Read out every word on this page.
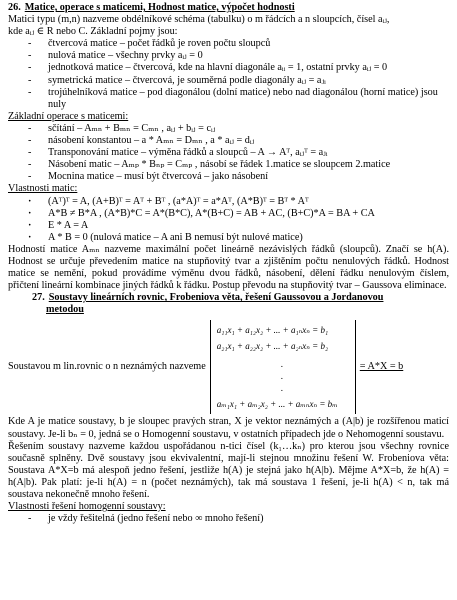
26. Matice, operace s maticemi, Hodnost matice, výpočet hodnosti
Matici typu (m,n) nazveme obdélníkové schéma (tabulku) o m řádcích a n sloupcích, čísel aᵢⱼ,
kde aᵢⱼ ∈ R nebo C. Základní pojmy jsou:
- čtvercová matice – počet řádků je roven počtu sloupců
- nulová matice – všechny prvky aᵢⱼ = 0
- jednotková matice – čtvercová, kde na hlavní diagonále aᵢᵢ = 1, ostatní prvky aᵢⱼ = 0
- symetrická matice – čtvercová, je souměrná podle diagonály aᵢⱼ = aⱼᵢ
- trojúhelníková matice – pod diagonálou (dolní matice) nebo nad diagonálou (horní matice) jsou nuly
Základní operace s maticemi:
- sčítání – Aₘₙ + Bₘₙ = Cₘₙ , aᵢⱼ + bᵢⱼ = cᵢⱼ
- násobení konstantou – a * Aₘₙ = Dₘₙ , a * aᵢⱼ = dᵢⱼ
- Transponování matice – výměna řádků a sloupců – A → Aᵀ, aᵢⱼᵀ = aⱼᵢ
- Násobení matic – Aₘₚ * Bₙₚ = Cₘₚ , násobí se řádek 1.matice se sloupcem 2.matice
- Mocnina matice – musí být čtvercová – jako násobení
Vlastnosti matic:
· (Aᵀ)ᵀ = A, (A+B)ᵀ = Aᵀ + Bᵀ , (a*A)ᵀ = a*Aᵀ, (A*B)ᵀ = Bᵀ * Aᵀ
· A*B ≠ B*A , (A*B)*C = A*(B*C), A*(B+C) = AB + AC, (B+C)*A = BA + CA
· E * A = A
· A * B = 0 (nulová matice – A ani B nemusí být nulové matice)
Hodností matice Aₘₙ nazveme maximální počet lineárně nezávislých řádků (sloupců). Značí se h(A). Hodnost se určuje převedením matice na stupňovitý tvar a zjištěním počtu nenulových řádků. Hodnost matice se nemění, pokud provádíme výměnu dvou řádků, násobení, dělení řádku nenulovým číslem, přičtení lineární kombinace jiných řádků k řádku. Postup převodu na stupňovitý tvar – Gaussova eliminace.
27. Soustavy lineárních rovnic, Frobeniova věta, řešení Gaussovou a Jordanovou
metodou
Soustavou m lin.rovnic o n neznámých nazveme
a₁₁x₁ + a₁₂x₂ + ... + a₁ₙxₙ = b₁
a₂₁x₁ + a₂₂x₂ + ... + a₂ₙxₙ = b₂
.
.
.
aₘ₁x₁ + aₘ₂x₂ + ... + aₘₙxₙ = bₘ
= A*X = b
Kde A je matice soustavy, b je sloupec pravých stran, X je vektor neznámých a (A|b) je rozšířenou maticí soustavy. Je-li bₙ = 0, jedná se o Homogenní soustavu, v ostatních případech jde o Nehomogenní soustavu.
Řešením soustavy nazveme každou uspořádanou n-tici čísel (k₁…kₙ) pro kterou jsou všechny rovnice současně splněny. Dvě soustavy jsou ekvivalentní, mají-li stejnou množinu řešení W. Frobeniova věta: Soustava A*X=b má alespoň jedno řešení, jestliže h(A) je stejná jako h(A|b). Mějme A*X=b, že h(A) = h(A|b). Pak platí: je-li h(A) = n (počet neznámých), tak má soustava 1 řešení, je-li h(A) < n, tak má soustava nekonečně mnoho řešení.
Vlastnosti řešení homogenní soustavy:
- je vždy řešitelná (jedno řešení nebo ∞ mnoho řešení)
